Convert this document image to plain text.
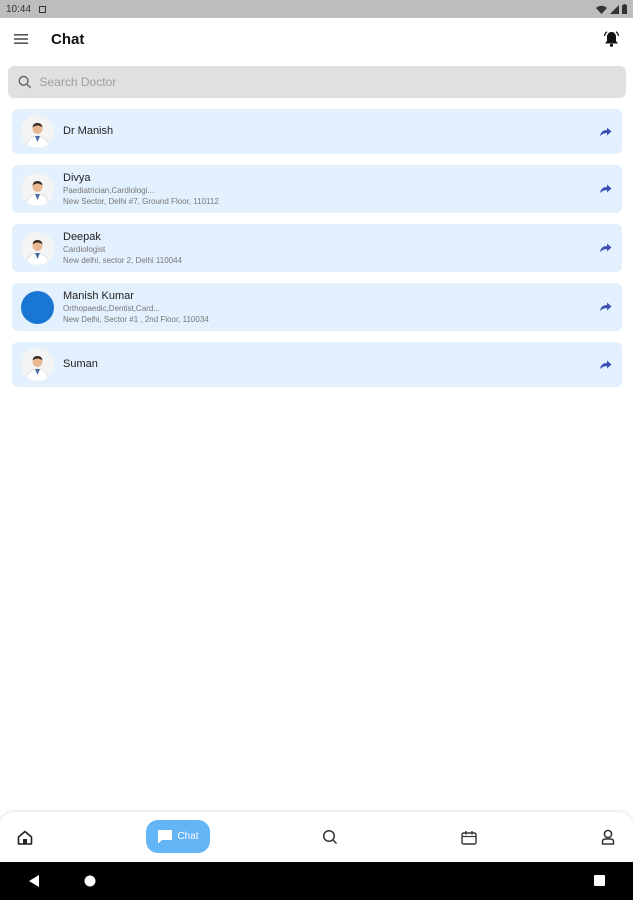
10:44
Chat
Search Doctor
Dr Manish
Divya
Paediatrician,Cardiologi...
New Sector, Delhi #7, Ground Floor, 110112
Deepak
Cardiologist
New delhi, sector 2, Delhi 110044
Manish Kumar
Orthopaedic,Dentist,Card...
New Delhi, Sector #1 , 2nd Floor, 110034
Suman
Chat
